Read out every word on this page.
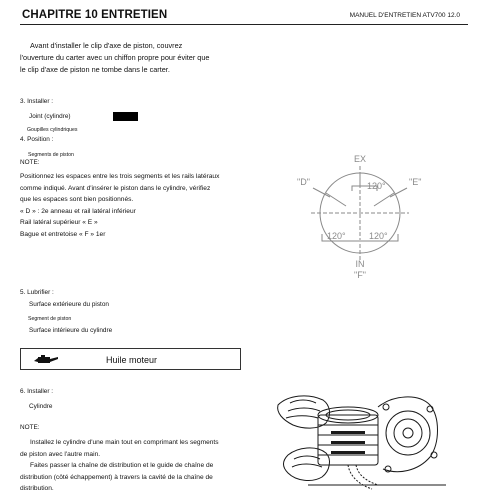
CHAPITRE 10 ENTRETIEN	MANUEL D'ENTRETIEN ATV700 12.0
Avant d'installer le clip d'axe de piston, couvrez
l'ouverture du carter avec un chiffon propre pour éviter que
le clip d'axe de piston ne tombe dans le carter.
3. Installer :
Joint (cylindre)
Goupilles cylindriques
4. Position :
Segments de piston
NOTE:
Positionnez les espaces entre les trois segments et les rails latéraux
comme indiqué. Avant d'insérer le piston dans le cylindre, vérifiez
que les espaces sont bien positionnés.
« D » : 2e anneau et rail latéral inférieur
Rail latéral supérieur « E »
Bague et entretoise « F » 1er
EX
"D"	"E"
120°
120°	120°
IN
"F"
5. Lubrifier :
Surface extérieure du piston
Segment de piston
Surface intérieure du cylindre
Huile moteur
6. Installer :
Cylindre
NOTE:
Installez le cylindre d'une main tout en comprimant les segments
de piston avec l'autre main.
Faites passer la chaîne de distribution et le guide de chaîne de
distribution (côté échappement) à travers la cavité de la chaîne de
distribution.
